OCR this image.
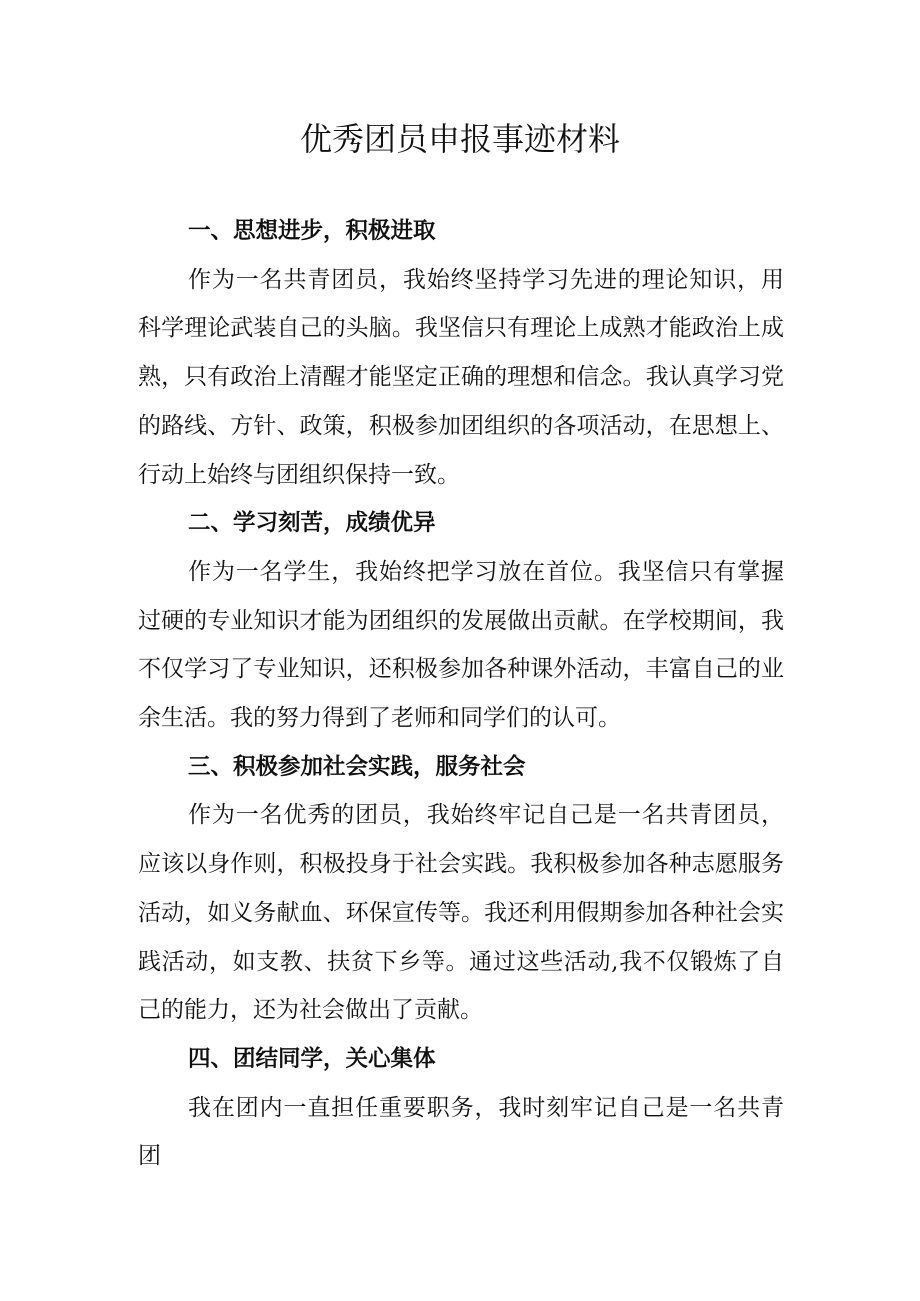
优秀团员申报事迹材料

一、思想进步，积极进取

作为一名共青团员，我始终坚持学习先进的理论知识，用科学理论武装自己的头脑。我坚信只有理论上成熟才能政治上成熟，只有政治上清醒才能坚定正确的理想和信念。我认真学习党的路线、方针、政策，积极参加团组织的各项活动，在思想上、行动上始终与团组织保持一致。

二、学习刻苦，成绩优异

作为一名学生，我始终把学习放在首位。我坚信只有掌握过硬的专业知识才能为团组织的发展做出贡献。在学校期间，我不仅学习了专业知识，还积极参加各种课外活动，丰富自己的业余生活。我的努力得到了老师和同学们的认可。

三、积极参加社会实践，服务社会

作为一名优秀的团员，我始终牢记自己是一名共青团员，应该以身作则，积极投身于社会实践。我积极参加各种志愿服务活动，如义务献血、环保宣传等。我还利用假期参加各种社会实践活动，如支教、扶贫下乡等。通过这些活动,我不仅锻炼了自己的能力，还为社会做出了贡献。

四、团结同学，关心集体

我在团内一直担任重要职务，我时刻牢记自己是一名共青团
